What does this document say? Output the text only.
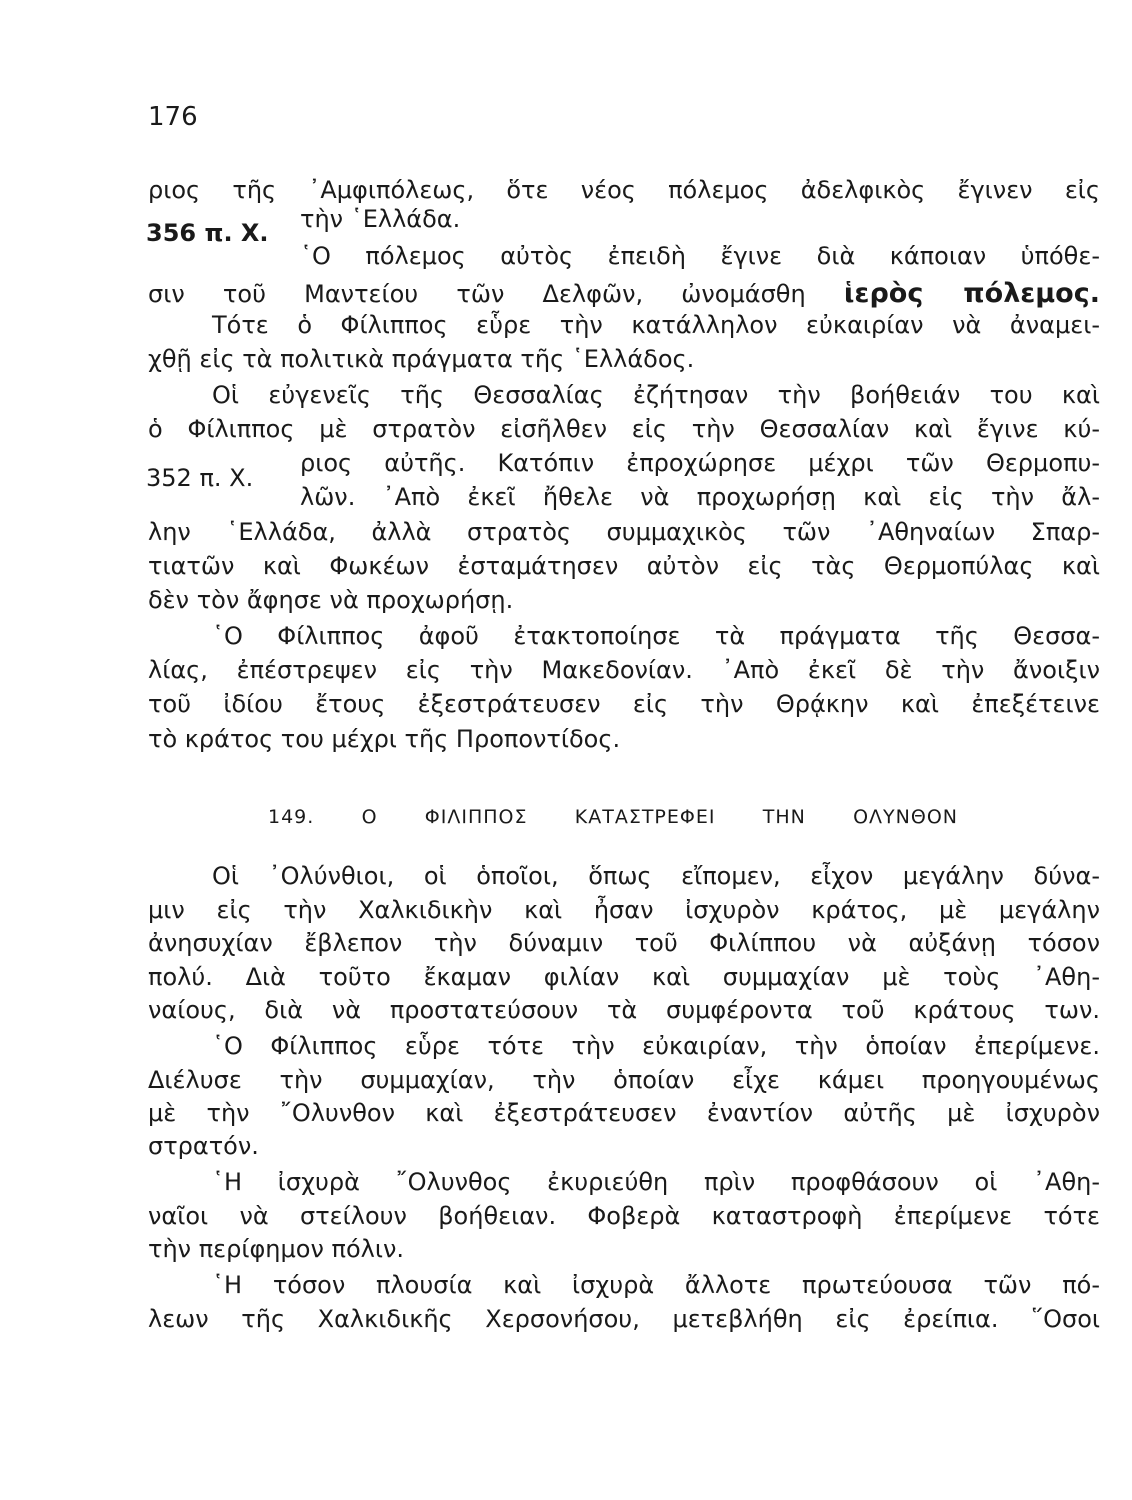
176
ριος τῆς ᾿Αμφιπόλεως, ὅτε νέος πόλεμος ἀδελφικὸς ἔγινεν εἰς
τὴν ῾Ελλάδα.
356 π. Χ.
῾Ο πόλεμος αὐτὸς ἐπειδὴ ἔγινε διὰ κάποιαν ὑπόθε-
σιν τοῦ Μαντείου τῶν Δελφῶν, ὠνομάσθη ἱερὸς πόλεμος.
Τότε ὁ Φίλιππος εὗρε τὴν κατάλληλον εὐκαιρίαν νὰ ἀναμει-
χθῇ εἰς τὰ πολιτικὰ πράγματα τῆς ῾Ελλάδος.
Οἱ εὐγενεῖς τῆς Θεσσαλίας ἐζήτησαν τὴν βοήθειάν του καὶ
ὁ Φίλιππος μὲ στρατὸν εἰσῆλθεν εἰς τὴν Θεσσαλίαν καὶ ἔγινε κύ-
ριος αὐτῆς. Κατόπιν ἐπροχώρησε μέχρι τῶν Θερμοπυ-
352 π. Χ.
λῶν. ᾿Απὸ ἐκεῖ ἤθελε νὰ προχωρήσῃ καὶ εἰς τὴν ἄλ-
λην ῾Ελλάδα, ἀλλὰ στρατὸς συμμαχικὸς τῶν ᾿Αθηναίων Σπαρ-
τιατῶν καὶ Φωκέων ἐσταμάτησεν αὐτὸν εἰς τὰς Θερμοπύλας καὶ
δὲν τὸν ἄφησε νὰ προχωρήσῃ.
῾Ο Φίλιππος ἀφοῦ ἐτακτοποίησε τὰ πράγματα τῆς Θεσσα-
λίας, ἐπέστρεψεν εἰς τὴν Μακεδονίαν. ᾿Απὸ ἐκεῖ δὲ τὴν ἄνοιξιν
τοῦ ἰδίου ἔτους ἐξεστράτευσεν εἰς τὴν Θρᾴκην καὶ ἐπεξέτεινε
τὸ κράτος του μέχρι τῆς Προποντίδος.
149. Ο ΦΙΛΙΠΠΟΣ ΚΑΤΑΣΤΡΕΦΕΙ ΤΗΝ ΟΛΥΝΘΟΝ
Οἱ ᾿Ολύνθιοι, οἱ ὁποῖοι, ὅπως εἴπομεν, εἶχον μεγάλην δύνα-
μιν εἰς τὴν Χαλκιδικὴν καὶ ἦσαν ἰσχυρὸν κράτος, μὲ μεγάλην
ἀνησυχίαν ἔβλεπον τὴν δύναμιν τοῦ Φιλίππου νὰ αὐξάνῃ τόσον
πολύ. Διὰ τοῦτο ἔκαμαν φιλίαν καὶ συμμαχίαν μὲ τοὺς ᾿Αθη-
ναίους, διὰ νὰ προστατεύσουν τὰ συμφέροντα τοῦ κράτους των.
῾Ο Φίλιππος εὗρε τότε τὴν εὐκαιρίαν, τὴν ὁποίαν ἐπερίμενε.
Διέλυσε τὴν συμμαχίαν, τὴν ὁποίαν εἶχε κάμει προηγουμένως
μὲ τὴν ῎Ολυνθον καὶ ἐξεστράτευσεν ἐναντίον αὐτῆς μὲ ἰσχυρὸν
στρατόν.
῾Η ἰσχυρὰ ῎Ολυνθος ἐκυριεύθη πρὶν προφθάσουν οἱ ᾿Αθη-
ναῖοι νὰ στείλουν βοήθειαν. Φοβερὰ καταστροφὴ ἐπερίμενε τότε
τὴν περίφημον πόλιν.
῾Η τόσον πλουσία καὶ ἰσχυρὰ ἄλλοτε πρωτεύουσα τῶν πό-
λεων τῆς Χαλκιδικῆς Χερσονήσου, μετεβλήθη εἰς ἐρείπια. ῞Οσοι
